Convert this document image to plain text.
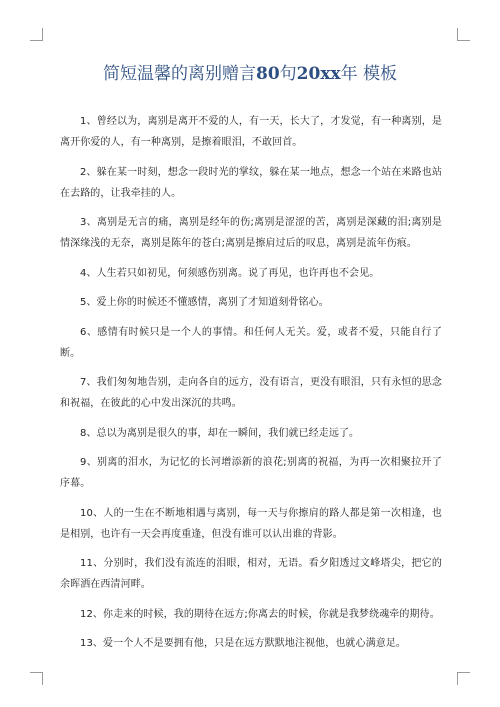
简短温馨的离别赠言80句20xx年 模板

1、曾经以为，离别是离开不爱的人，有一天，长大了，才发觉，有一种离别，是离开你爱的人，有一种离别，是擦着眼泪，不敢回首。

2、躲在某一时刻，想念一段时光的掌纹，躲在某一地点，想念一个站在来路也站在去路的，让我牵挂的人。

3、离别是无言的痛，离别是经年的伤;离别是涩涩的苦，离别是深藏的泪;离别是情深缘浅的无奈，离别是陈年的苍白;离别是擦肩过后的叹息，离别是流年伤痕。

4、人生若只如初见，何须感伤别离。说了再见，也许再也不会见。

5、爱上你的时候还不懂感情，离别了才知道刻骨铭心。

6、感情有时候只是一个人的事情。和任何人无关。爱，或者不爱，只能自行了断。

7、我们匆匆地告别，走向各自的远方，没有语言，更没有眼泪，只有永恒的思念和祝福，在彼此的心中发出深沉的共鸣。

8、总以为离别是很久的事，却在一瞬间，我们就已经走远了。

9、别离的泪水，为记忆的长河增添新的浪花;别离的祝福，为再一次相聚拉开了序幕。

10、人的一生在不断地相遇与离别，每一天与你擦肩的路人都是第一次相逢，也是相别，也许有一天会再度重逢，但没有谁可以认出谁的背影。

11、分别时，我们没有流连的泪眼，相对，无语。看夕阳透过文峰塔尖，把它的余晖洒在西清河畔。

12、你走来的时候，我的期待在远方;你离去的时候，你就是我梦绕魂牵的期待。

13、爱一个人不是要拥有他，只是在远方默默地注视他，也就心满意足。
